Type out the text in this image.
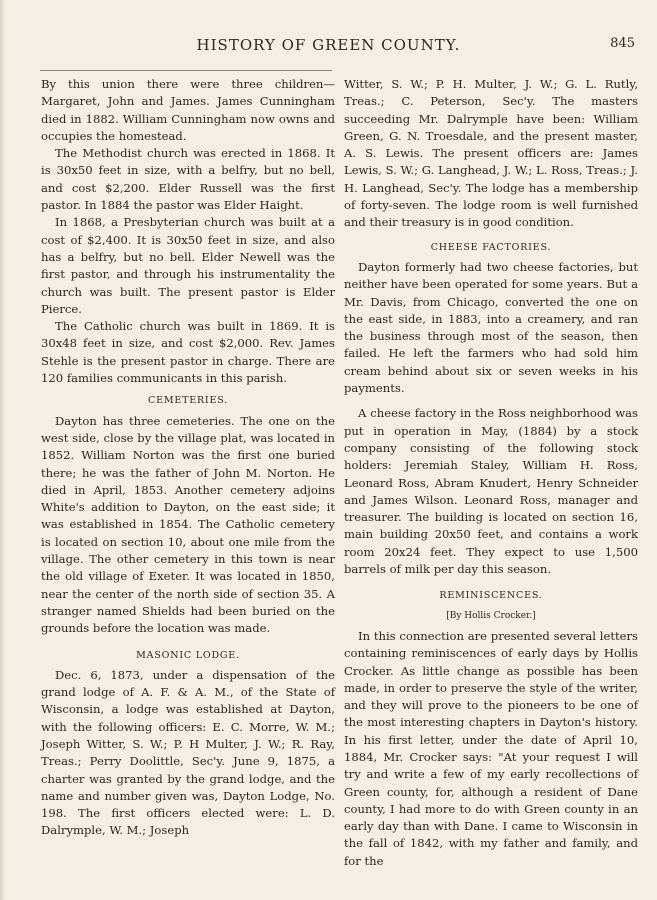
HISTORY OF GREEN COUNTY.	845

By this union there were three children—Margaret, John and James. James Cunningham died in 1882. William Cunningham now owns and occupies the homestead.

The Methodist church was erected in 1868. It is 30x50 feet in size, with a belfry, but no bell, and cost $2,200. Elder Russell was the first pastor. In 1884 the pastor was Elder Haight.

In 1868, a Presbyterian church was built at a cost of $2,400. It is 30x50 feet in size, and also has a belfry, but no bell. Elder Newell was the first pastor, and through his instrumentality the church was built. The present pastor is Elder Pierce.

The Catholic church was built in 1869. It is 30x48 feet in size, and cost $2,000. Rev. James Stehle is the present pastor in charge. There are 120 families communicants in this parish.

CEMETERIES.

Dayton has three cemeteries. The one on the west side, close by the village plat, was located in 1852. William Norton was the first one buried there; he was the father of John M. Norton. He died in April, 1853. Another cemetery adjoins White's addition to Dayton, on the east side; it was established in 1854. The Catholic cemetery is located on section 10, about one mile from the village. The other cemetery in this town is near the old village of Exeter. It was located in 1850, near the center of the north side of section 35. A stranger named Shields had been buried on the grounds before the location was made.

MASONIC LODGE.

Dec. 6, 1873, under a dispensation of the grand lodge of A. F. & A. M., of the State of Wisconsin, a lodge was established at Dayton, with the following officers: E. C. Morre, W. M.; Joseph Witter, S. W.; P. H Multer, J. W.; R. Ray, Treas.; Perry Doolittle, Sec'y. June 9, 1875, a charter was granted by the grand lodge, and the name and number given was, Dayton Lodge, No. 198. The first officers elected were: L. D. Dalrymple, W. M.; Joseph

Witter, S. W.; P. H. Multer, J. W.; G. L. Rutly, Treas.; C. Peterson, Sec'y. The masters succeeding Mr. Dalrymple have been: William Green, G. N. Troesdale, and the present master, A. S. Lewis. The present officers are: James Lewis, S. W.; G. Langhead, J. W.; L. Ross, Treas.; J. H. Langhead, Sec'y. The lodge has a membership of forty-seven. The lodge room is well furnished and their treasury is in good condition.

CHEESE FACTORIES.

Dayton formerly had two cheese factories, but neither have been operated for some years. But a Mr. Davis, from Chicago, converted the one on the east side, in 1883, into a creamery, and ran the business through most of the season, then failed. He left the farmers who had sold him cream behind about six or seven weeks in his payments.

A cheese factory in the Ross neighborhood was put in operation in May, (1884) by a stock company consisting of the following stock holders: Jeremiah Staley, William H. Ross, Leonard Ross, Abram Knudert, Henry Schneider and James Wilson. Leonard Ross, manager and treasurer. The building is located on section 16, main building 20x50 feet, and contains a work room 20x24 feet. They expect to use 1,500 barrels of milk per day this season.

REMINISCENCES.
[By Hollis Crocker.]

In this connection are presented several letters containing reminiscences of early days by Hollis Crocker. As little change as possible has been made, in order to preserve the style of the writer, and they will prove to the pioneers to be one of the most interesting chapters in Dayton's history. In his first letter, under the date of April 10, 1884, Mr. Crocker says: "At your request I will try and write a few of my early recollections of Green county, for, although a resident of Dane county, I had more to do with Green county in an early day than with Dane. I came to Wisconsin in the fall of 1842, with my father and family, and for the
